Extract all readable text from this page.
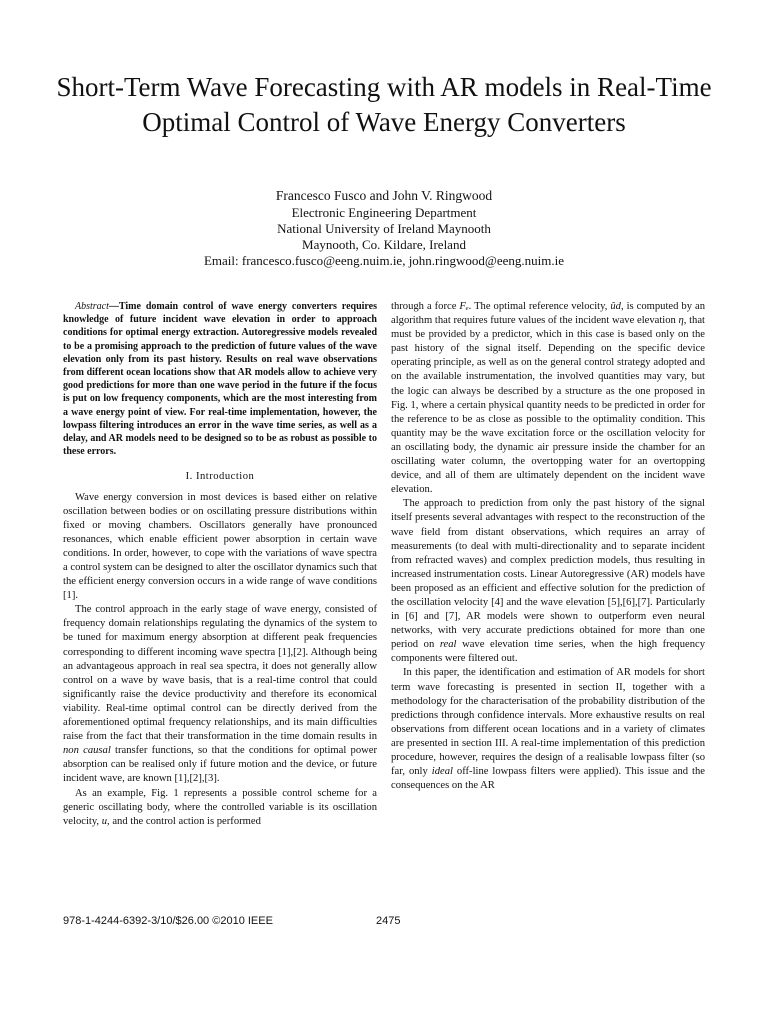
Short-Term Wave Forecasting with AR models in Real-Time Optimal Control of Wave Energy Converters
Francesco Fusco and John V. Ringwood
Electronic Engineering Department
National University of Ireland Maynooth
Maynooth, Co. Kildare, Ireland
Email: francesco.fusco@eeng.nuim.ie, john.ringwood@eeng.nuim.ie

Abstract—Time domain control of wave energy converters requires knowledge of future incident wave elevation in order to approach conditions for optimal energy extraction. Autoregressive models revealed to be a promising approach to the prediction of future values of the wave elevation only from its past history. Results on real wave observations from different ocean locations show that AR models allow to achieve very good predictions for more than one wave period in the future if the focus is put on low frequency components, which are the most interesting from a wave energy point of view. For real-time implementation, however, the lowpass filtering introduces an error in the wave time series, as well as a delay, and AR models need to be designed so to be as robust as possible to these errors.

I. Introduction

Wave energy conversion in most devices is based either on relative oscillation between bodies or on oscillating pressure distributions within fixed or moving chambers. Oscillators generally have pronounced resonances, which enable efficient power absorption in certain wave conditions. In order, however, to cope with the variations of wave spectra a control system can be designed to alter the oscillator dynamics such that the efficient energy conversion occurs in a wide range of wave conditions [1].

The control approach in the early stage of wave energy, consisted of frequency domain relationships regulating the dynamics of the system to be tuned for maximum energy absorption at different peak frequencies corresponding to different incoming wave spectra [1],[2]. Although being an advantageous approach in real sea spectra, it does not generally allow control on a wave by wave basis, that is a real-time control that could significantly raise the device productivity and therefore its economical viability. Real-time optimal control can be directly derived from the aforementioned optimal frequency relationships, and its main difficulties raise from the fact that their transformation in the time domain results in non causal transfer functions, so that the conditions for optimal power absorption can be realised only if future motion and the device, or future incident wave, are known [1],[2],[3].

As an example, Fig. 1 represents a possible control scheme for a generic oscillating body, where the controlled variable is its oscillation velocity, u, and the control action is performed

through a force Fₑ. The optimal reference velocity, ûd, is computed by an algorithm that requires future values of the incident wave elevation η, that must be provided by a predictor, which in this case is based only on the past history of the signal itself. Depending on the specific device operating principle, as well as on the general control strategy adopted and on the available instrumentation, the involved quantities may vary, but the logic can always be described by a structure as the one proposed in Fig. 1, where a certain physical quantity needs to be predicted in order for the reference to be as close as possible to the optimality condition. This quantity may be the wave excitation force or the oscillation velocity for an oscillating body, the dynamic air pressure inside the chamber for an oscillating water column, the overtopping water for an overtopping device, and all of them are ultimately dependent on the incident wave elevation.

The approach to prediction from only the past history of the signal itself presents several advantages with respect to the reconstruction of the wave field from distant observations, which requires an array of measurements (to deal with multi-directionality and to separate incident from refracted waves) and complex prediction models, thus resulting in increased instrumentation costs. Linear Autoregressive (AR) models have been proposed as an efficient and effective solution for the prediction of the oscillation velocity [4] and the wave elevation [5],[6],[7]. Particularly in [6] and [7], AR models were shown to outperform even neural networks, with very accurate predictions obtained for more than one period on real wave elevation time series, when the high frequency components were filtered out.

In this paper, the identification and estimation of AR models for short term wave forecasting is presented in section II, together with a methodology for the characterisation of the probability distribution of the predictions through confidence intervals. More exhaustive results on real observations from different ocean locations and in a variety of climates are presented in section III. A real-time implementation of this prediction procedure, however, requires the design of a realisable lowpass filter (so far, only ideal off-line lowpass filters were applied). This issue and the consequences on the AR

978-1-4244-6392-3/10/$26.00 ©2010 IEEE	2475
